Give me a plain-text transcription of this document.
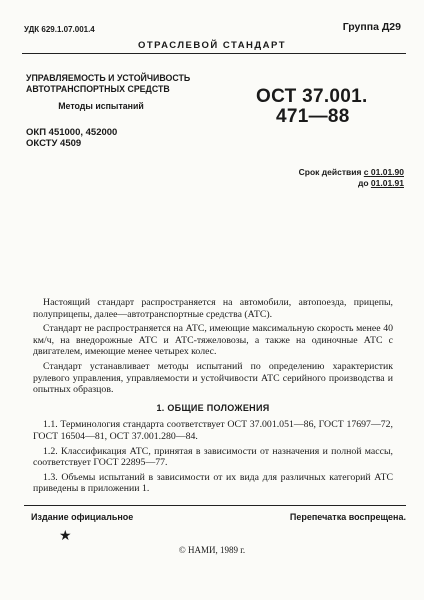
УДК 629.1.07.001.4	Группа Д29
ОТРАСЛЕВОЙ СТАНДАРТ
УПРАВЛЯЕМОСТЬ И УСТОЙЧИВОСТЬ
АВТОТРАНСПОРТНЫХ СРЕДСТВ
Методы испытаний
ОКП 451000, 452000
ОКСТУ 4509
ОСТ 37.001.
471—88
Срок действия с 01.01.90
до 01.01.91

Настоящий стандарт распространяется на автомобили, автопоезда, прицепы, полуприцепы, далее—автотранспортные средства (АТС).

Стандарт не распространяется на АТС, имеющие максимальную скорость менее 40 км/ч, на внедорожные АТС и АТС-тяжеловозы, а также на одиночные АТС с двигателем, имеющие менее четырех колес.

Стандарт устанавливает методы испытаний по определению характеристик рулевого управления, управляемости и устойчивости АТС серийного производства и опытных образцов.

1. ОБЩИЕ ПОЛОЖЕНИЯ

1.1. Терминология стандарта соответствует ОСТ 37.001.051—86, ГОСТ 17697—72, ГОСТ 16504—81, ОСТ 37.001.280—84.

1.2. Классификация АТС, принятая в зависимости от назначения и полной массы, соответствует ГОСТ 22895—77.

1.3. Объемы испытаний в зависимости от их вида для различных категорий АТС приведены в приложении 1.

Издание официальное	Перепечатка воспрещена.
★
© НАМИ, 1989 г.
